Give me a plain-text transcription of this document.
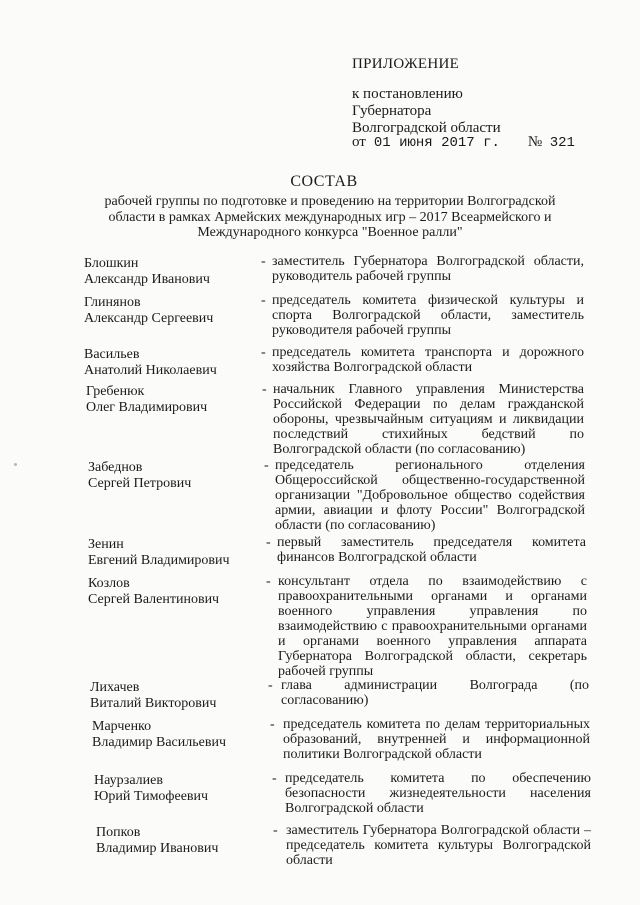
ПРИЛОЖЕНИЕ
к постановлению
Губернатора
Волгоградской области
от 01 июня 2017 г. № 321
СОСТАВ
рабочей группы по подготовке и проведению на территории Волгоградской области в рамках Армейских международных игр – 2017 Всеармейского и Международного конкурса "Военное ралли"
Блошкин
Александр Иванович
- заместитель Губернатора Волгоградской области, руководитель рабочей группы
Глинянов
Александр Сергеевич
- председатель комитета физической культуры и спорта Волгоградской области, заместитель руководителя рабочей группы
Васильев
Анатолий Николаевич
- председатель комитета транспорта и дорожного хозяйства Волгоградской области
Гребенюк
Олег Владимирович
- начальник Главного управления Министерства Российской Федерации по делам гражданской обороны, чрезвычайным ситуациям и ликвидации последствий стихийных бедствий по Волгоградской области (по согласованию)
Забеднов
Сергей Петрович
- председатель регионального отделения Общероссийской общественно-государственной организации "Добровольное общество содействия армии, авиации и флоту России" Волгоградской области (по согласованию)
Зенин
Евгений Владимирович
- первый заместитель председателя комитета финансов Волгоградской области
Козлов
Сергей Валентинович
- консультант отдела по взаимодействию с правоохранительными органами и органами военного управления управления по взаимодействию с правоохранительными органами и органами военного управления аппарата Губернатора Волгоградской области, секретарь рабочей группы
Лихачев
Виталий Викторович
- глава администрации Волгограда (по согласованию)
Марченко
Владимир Васильевич
- председатель комитета по делам территориальных образований, внутренней и информационной политики Волгоградской области
Наурзалиев
Юрий Тимофеевич
- председатель комитета по обеспечению безопасности жизнедеятельности населения Волгоградской области
Попков
Владимир Иванович
- заместитель Губернатора Волгоградской области – председатель комитета культуры Волгоградской области
